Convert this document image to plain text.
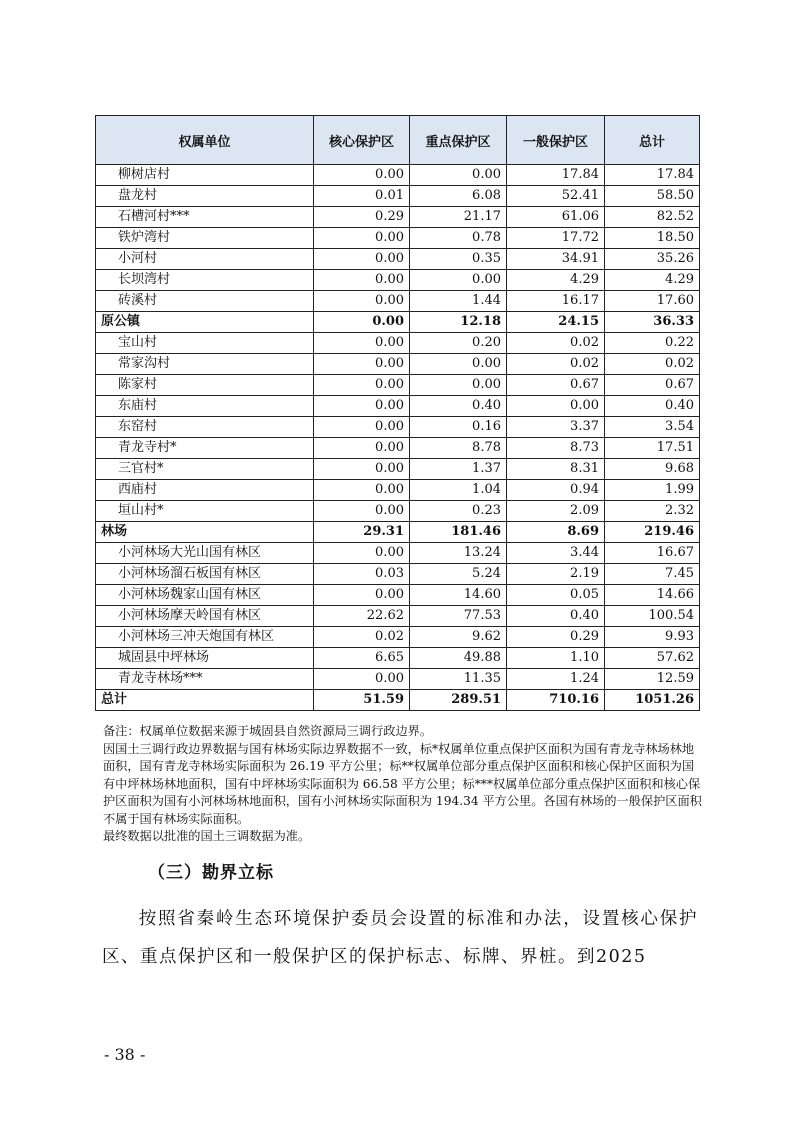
权属单位	核心保护区	重点保护区	一般保护区	总计
柳树店村	0.00	0.00	17.84	17.84
盘龙村	0.01	6.08	52.41	58.50
石槽河村***	0.29	21.17	61.06	82.52
铁炉湾村	0.00	0.78	17.72	18.50
小河村	0.00	0.35	34.91	35.26
长坝湾村	0.00	0.00	4.29	4.29
砖溪村	0.00	1.44	16.17	17.60
原公镇	0.00	12.18	24.15	36.33
宝山村	0.00	0.20	0.02	0.22
常家沟村	0.00	0.00	0.02	0.02
陈家村	0.00	0.00	0.67	0.67
东庙村	0.00	0.40	0.00	0.40
东窑村	0.00	0.16	3.37	3.54
青龙寺村*	0.00	8.78	8.73	17.51
三官村*	0.00	1.37	8.31	9.68
西庙村	0.00	1.04	0.94	1.99
垣山村*	0.00	0.23	2.09	2.32
林场	29.31	181.46	8.69	219.46
小河林场大光山国有林区	0.00	13.24	3.44	16.67
小河林场溜石板国有林区	0.03	5.24	2.19	7.45
小河林场魏家山国有林区	0.00	14.60	0.05	14.66
小河林场摩天岭国有林区	22.62	77.53	0.40	100.54
小河林场三冲天炮国有林区	0.02	9.62	0.29	9.93
城固县中坪林场	6.65	49.88	1.10	57.62
青龙寺林场***	0.00	11.35	1.24	12.59
总计	51.59	289.51	710.16	1051.26

备注：权属单位数据来源于城固县自然资源局三调行政边界。

因国土三调行政边界数据与国有林场实际边界数据不一致，标*权属单位重点保护区面积为国有青龙寺林场林地面积，国有青龙寺林场实际面积为 26.19 平方公里；标**权属单位部分重点保护区面积和核心保护区面积为国有中坪林场林地面积，国有中坪林场实际面积为 66.58 平方公里；标***权属单位部分重点保护区面积和核心保护区面积为国有小河林场林地面积，国有小河林场实际面积为 194.34 平方公里。各国有林场的一般保护区面积不属于国有林场实际面积。

最终数据以批准的国土三调数据为准。

（三）勘界立标

按照省秦岭生态环境保护委员会设置的标准和办法，设置核心保护区、重点保护区和一般保护区的保护标志、标牌、界桩。到2025

- 38 -
